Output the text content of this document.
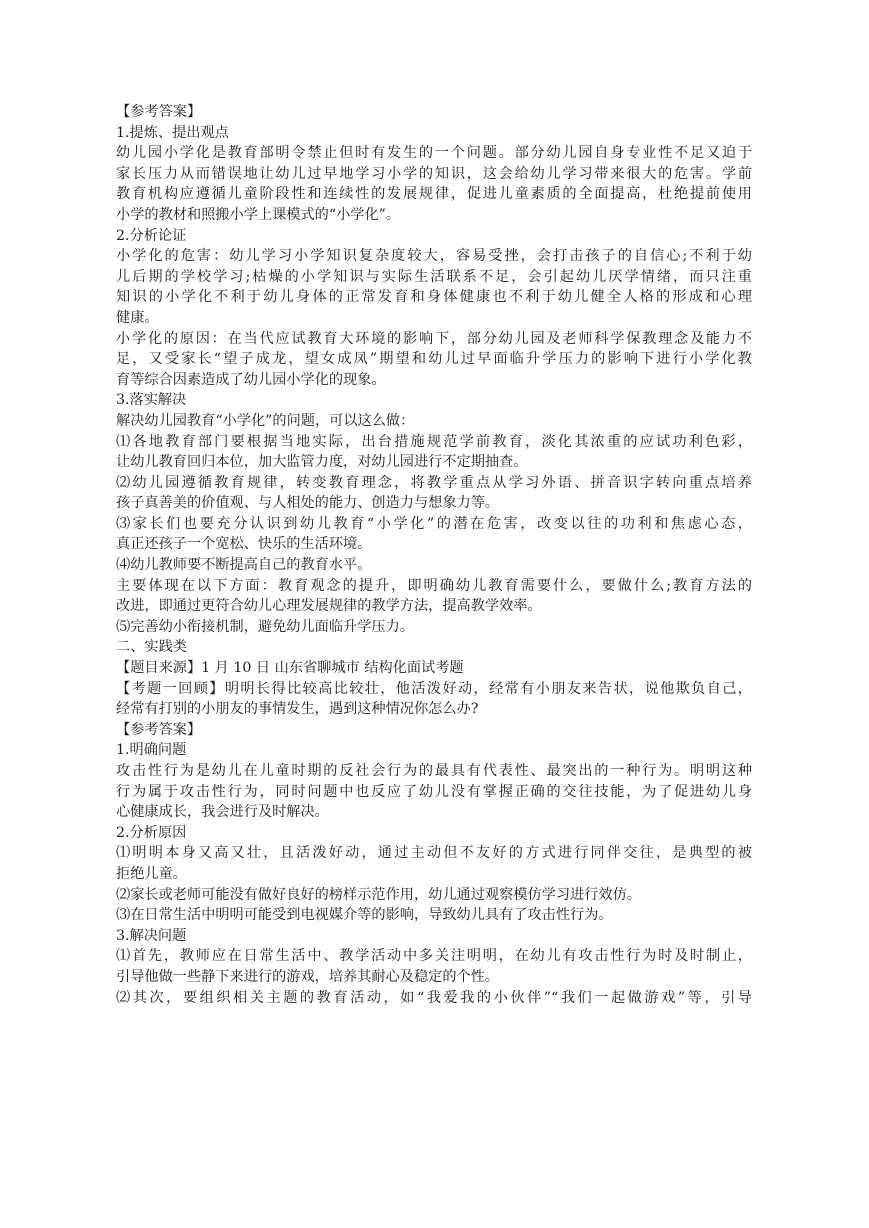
【参考答案】
1.提炼、提出观点
幼儿园小学化是教育部明令禁止但时有发生的一个问题。部分幼儿园自身专业性不足又迫于
家长压力从而错误地让幼儿过早地学习小学的知识，这会给幼儿学习带来很大的危害。学前
教育机构应遵循儿童阶段性和连续性的发展规律，促进儿童素质的全面提高，杜绝提前使用
小学的教材和照搬小学上课模式的“小学化”。
2.分析论证
小学化的危害：幼儿学习小学知识复杂度较大，容易受挫，会打击孩子的自信心;不利于幼
儿后期的学校学习;枯燥的小学知识与实际生活联系不足，会引起幼儿厌学情绪，而只注重
知识的小学化不利于幼儿身体的正常发育和身体健康也不利于幼儿健全人格的形成和心理
健康。
小学化的原因：在当代应试教育大环境的影响下，部分幼儿园及老师科学保教理念及能力不
足，又受家长“望子成龙，望女成凤”期望和幼儿过早面临升学压力的影响下进行小学化教
育等综合因素造成了幼儿园小学化的现象。
3.落实解决
解决幼儿园教育“小学化”的问题，可以这么做：
⑴各地教育部门要根据当地实际，出台措施规范学前教育，淡化其浓重的应试功利色彩，
让幼儿教育回归本位，加大监管力度，对幼儿园进行不定期抽查。
⑵幼儿园遵循教育规律，转变教育理念，将教学重点从学习外语、拼音识字转向重点培养
孩子真善美的价值观、与人相处的能力、创造力与想象力等。
⑶家长们也要充分认识到幼儿教育“小学化”的潜在危害，改变以往的功利和焦虑心态，
真正还孩子一个宽松、快乐的生活环境。
⑷幼儿教师要不断提高自己的教育水平。
主要体现在以下方面：教育观念的提升，即明确幼儿教育需要什么，要做什么;教育方法的
改进，即通过更符合幼儿心理发展规律的教学方法，提高教学效率。
⑸完善幼小衔接机制，避免幼儿面临升学压力。
二、实践类
【题目来源】1 月 10 日 山东省聊城市 结构化面试考题
【考题一回顾】明明长得比较高比较壮，他活泼好动，经常有小朋友来告状，说他欺负自己，
经常有打别的小朋友的事情发生，遇到这种情况你怎么办?
【参考答案】
1.明确问题
攻击性行为是幼儿在儿童时期的反社会行为的最具有代表性、最突出的一种行为。明明这种
行为属于攻击性行为，同时问题中也反应了幼儿没有掌握正确的交往技能，为了促进幼儿身
心健康成长，我会进行及时解决。
2.分析原因
⑴明明本身又高又壮，且活泼好动，通过主动但不友好的方式进行同伴交往，是典型的被
拒绝儿童。
⑵家长或老师可能没有做好良好的榜样示范作用，幼儿通过观察模仿学习进行效仿。
⑶在日常生活中明明可能受到电视媒介等的影响，导致幼儿具有了攻击性行为。
3.解决问题
⑴首先，教师应在日常生活中、教学活动中多关注明明，在幼儿有攻击性行为时及时制止，
引导他做一些静下来进行的游戏，培养其耐心及稳定的个性。
⑵其次，要组织相关主题的教育活动，如“我爱我的小伙伴”“我们一起做游戏”等，引导
